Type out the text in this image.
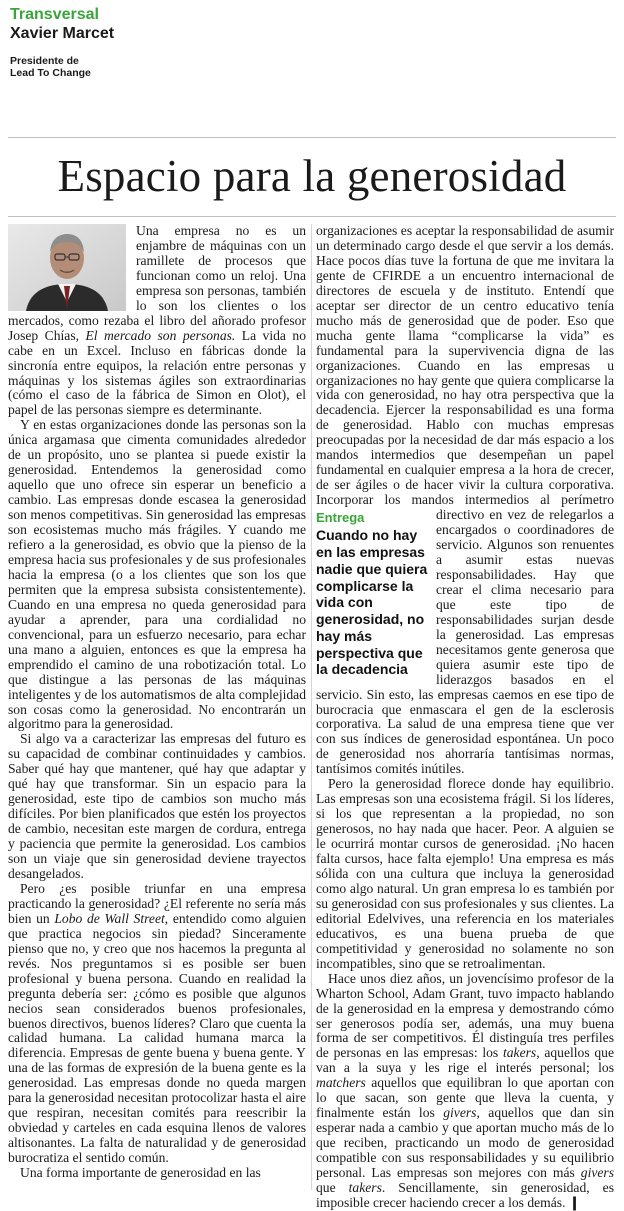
Transversal
Xavier Marcet
Presidente de
Lead To Change
Espacio para la generosidad

Una empresa no es un enjambre de máquinas con un ramillete de procesos que funcionan como un reloj. Una empresa son personas, también lo son los clientes o los mercados, como rezaba el libro del añorado profesor Josep Chías, El mercado son personas. La vida no cabe en un Excel. Incluso en fábricas donde la sincronía entre equipos, la relación entre personas y máquinas y los sistemas ágiles son extraordinarias (cómo el caso de la fábrica de Simon en Olot), el papel de las personas siempre es determinante.

Y en estas organizaciones donde las personas son la única argamasa que cimenta comunidades alrededor de un propósito, uno se plantea si puede existir la generosidad. Entendemos la generosidad como aquello que uno ofrece sin esperar un beneficio a cambio. Las empresas donde escasea la generosidad son menos competitivas. Sin generosidad las empresas son ecosistemas mucho más frágiles. Y cuando me refiero a la generosidad, es obvio que la pienso de la empresa hacia sus profesionales y de sus profesionales hacia la empresa (o a los clientes que son los que permiten que la empresa subsista consistentemente). Cuando en una empresa no queda generosidad para ayudar a aprender, para una cordialidad no convencional, para un esfuerzo necesario, para echar una mano a alguien, entonces es que la empresa ha emprendido el camino de una robotización total. Lo que distingue a las personas de las máquinas inteligentes y de los automatismos de alta complejidad son cosas como la generosidad. No encontrarán un algoritmo para la generosidad.

Si algo va a caracterizar las empresas del futuro es su capacidad de combinar continuidades y cambios. Saber qué hay que mantener, qué hay que adaptar y qué hay que transformar. Sin un espacio para la generosidad, este tipo de cambios son mucho más difíciles. Por bien planificados que estén los proyectos de cambio, necesitan este margen de cordura, entrega y paciencia que permite la generosidad. Los cambios son un viaje que sin generosidad deviene trayectos desangelados.

Pero ¿es posible triunfar en una empresa practicando la generosidad? ¿El referente no sería más bien un Lobo de Wall Street, entendido como alguien que practica negocios sin piedad? Sinceramente pienso que no, y creo que nos hacemos la pregunta al revés. Nos preguntamos si es posible ser buen profesional y buena persona. Cuando en realidad la pregunta debería ser: ¿cómo es posible que algunos necios sean considerados buenos profesionales, buenos directivos, buenos líderes? Claro que cuenta la calidad humana. La calidad humana marca la diferencia. Empresas de gente buena y buena gente. Y una de las formas de expresión de la buena gente es la generosidad. Las empresas donde no queda margen para la generosidad necesitan protocolizar hasta el aire que respiran, necesitan comités para reescribir la obviedad y carteles en cada esquina llenos de valores altisonantes. La falta de naturalidad y de generosidad burocratiza el sentido común.

Una forma importante de generosidad en las

organizaciones es aceptar la responsabilidad de asumir un determinado cargo desde el que servir a los demás. Hace pocos días tuve la fortuna de que me invitara la gente de CFIRDE a un encuentro internacional de directores de escuela y de instituto. Entendí que aceptar ser director de un centro educativo tenía mucho más de generosidad que de poder. Eso que mucha gente llama “complicarse la vida” es fundamental para la supervivencia digna de las organizaciones. Cuando en las empresas u organizaciones no hay gente que quiera complicarse la vida con generosidad, no hay otra perspectiva que la decadencia. Ejercer la responsabilidad es una forma de generosidad. Hablo con muchas empresas preocupadas por la necesidad de dar más espacio a los mandos intermedios que desempeñan un papel fundamental en cualquier empresa a la hora de crecer, de ser ágiles o de hacer vivir la cultura corporativa. Incorporar los mandos intermedios al perímetro
Entrega
Cuando no hay en las empresas nadie que quiera complicarse la vida con generosidad, no hay más perspectiva que la decadencia
directivo en vez de relegarlos a encargados o coordinadores de servicio. Algunos son renuentes a asumir estas nuevas responsabilidades. Hay que crear el clima necesario para que este tipo de responsabilidades surjan desde la generosidad. Las empresas necesitamos gente generosa que quiera asumir este tipo de liderazgos basados en el servicio. Sin esto, las empresas caemos en ese tipo de burocracia que enmascara el gen de la esclerosis corporativa. La salud de una empresa tiene que ver con sus índices de generosidad espontánea. Un poco de generosidad nos ahorraría tantísimas normas, tantísimos comités inútiles.

Pero la generosidad florece donde hay equilibrio. Las empresas son una ecosistema frágil. Si los líderes, si los que representan a la propiedad, no son generosos, no hay nada que hacer. Peor. A alguien se le ocurrirá montar cursos de generosidad. ¡No hacen falta cursos, hace falta ejemplo! Una empresa es más sólida con una cultura que incluya la generosidad como algo natural. Un gran empresa lo es también por su generosidad con sus profesionales y sus clientes. La editorial Edelvives, una referencia en los materiales educativos, es una buena prueba de que competitividad y generosidad no solamente no son incompatibles, sino que se retroalimentan.

Hace unos diez años, un jovencísimo profesor de la Wharton School, Adam Grant, tuvo impacto hablando de la generosidad en la empresa y demostrando cómo ser generosos podía ser, además, una muy buena forma de ser competitivos. Él distinguía tres perfiles de personas en las empresas: los takers, aquellos que van a la suya y les rige el interés personal; los matchers aquellos que equilibran lo que aportan con lo que sacan, son gente que lleva la cuenta, y finalmente están los givers, aquellos que dan sin esperar nada a cambio y que aportan mucho más de lo que reciben, practicando un modo de generosidad compatible con sus responsabilidades y su equilibrio personal. Las empresas son mejores con más givers que takers. Sencillamente, sin generosidad, es imposible crecer haciendo crecer a los demás. ❙
